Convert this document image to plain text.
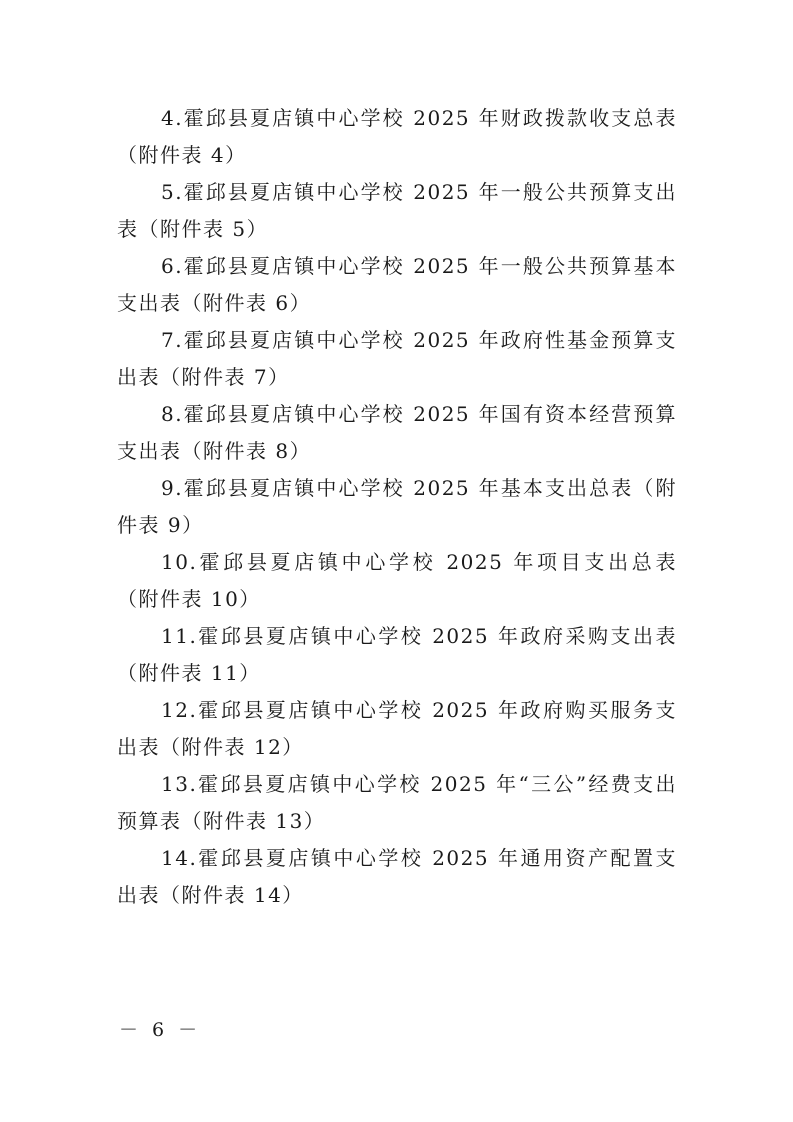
4.霍邱县夏店镇中心学校 2025 年财政拨款收支总表（附件表 4）

5.霍邱县夏店镇中心学校 2025 年一般公共预算支出表（附件表 5）

6.霍邱县夏店镇中心学校 2025 年一般公共预算基本支出表（附件表 6）

7.霍邱县夏店镇中心学校 2025 年政府性基金预算支出表（附件表 7）

8.霍邱县夏店镇中心学校 2025 年国有资本经营预算支出表（附件表 8）

9.霍邱县夏店镇中心学校 2025 年基本支出总表（附件表 9）

10.霍邱县夏店镇中心学校 2025 年项目支出总表（附件表 10）

11.霍邱县夏店镇中心学校 2025 年政府采购支出表（附件表 11）

12.霍邱县夏店镇中心学校 2025 年政府购买服务支出表（附件表 12）

13.霍邱县夏店镇中心学校 2025 年“三公”经费支出预算表（附件表 13）

14.霍邱县夏店镇中心学校 2025 年通用资产配置支出表（附件表 14）

－ 6 －
